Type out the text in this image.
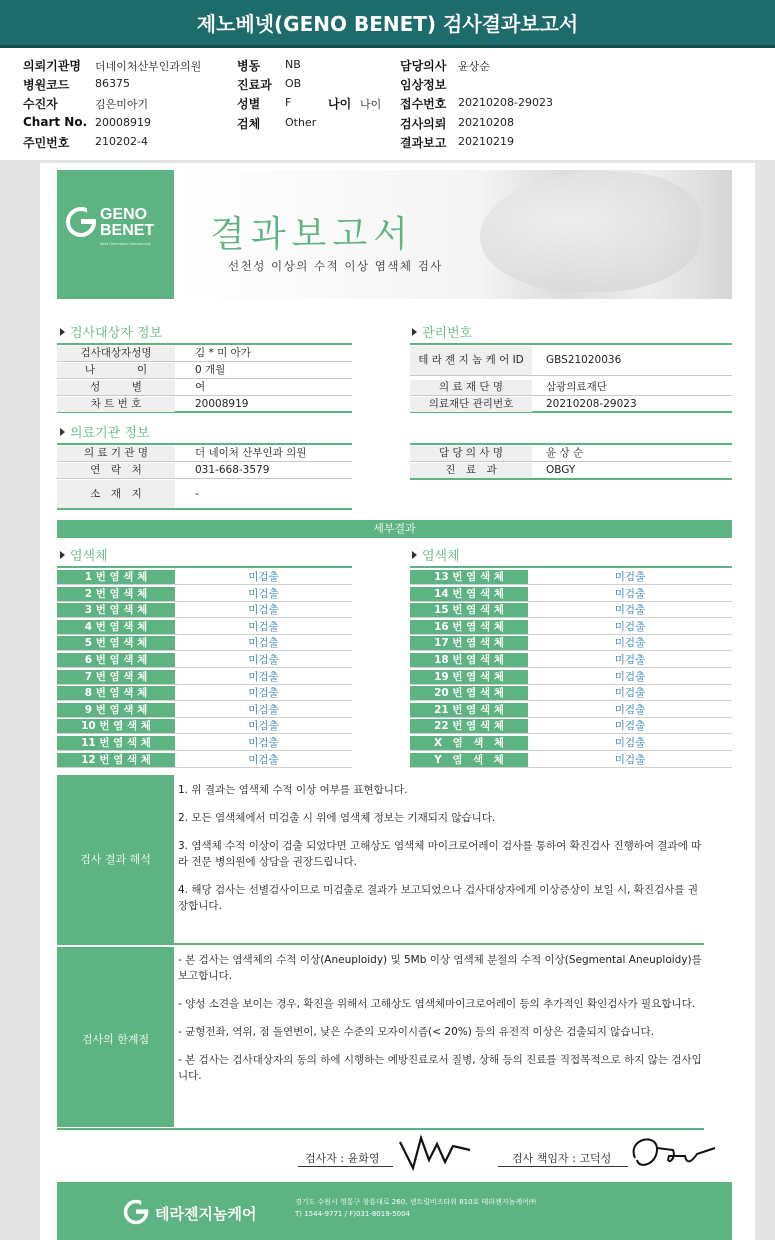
제노베넷(GENO BENET) 검사결과보고서
의뢰기관명 더네이처산부인과의원
병원코드 86375
수진자	김은미아기
Chart No. 20008919
주민번호 210202-4
병동 NB
진료과 OB
성별 F
검체 Other
나이 나이
담당의사 윤상순
임상정보
접수번호 20210208-29023
검사의뢰 20210208
결과보고 20210219
GENO
BENET
Next Generation Sequencing 결과보고서
선천성 이상의 수적 이상 염색체 검사
검사대상자 정보
검사대상자성명	김 * 미 아가
나　　　　이	0 개월
성　　　별	여
차 트 번 호	20008919
관리번호
테 라 젠 지 놈 케 어 ID	GBS21020036
의 료 재 단 명	삼광의료재단
의료재단 관리번호	20210208-29023
의료기관 정보
의 료 기 관 명	더 네이처 산부인과 의원
연　락　처	031-668-3579
소　재　지	-
담 당 의 사 명	윤 상 순
진　료　과	OBGY
세부결과
염색체	염색체
1 번 염 색 체	미검출
2 번 염 색 체	미검출
3 번 염 색 체	미검출
4 번 염 색 체	미검출
5 번 염 색 체	미검출
6 번 염 색 체	미검출
7 번 염 색 체	미검출
8 번 염 색 체	미검출
9 번 염 색 체	미검출
10 번 염 색 체	미검출
11 번 염 색 체	미검출
12 번 염 색 체	미검출
13 번 염 색 체	미검출
14 번 염 색 체	미검출
15 번 염 색 체	미검출
16 번 염 색 체	미검출
17 번 염 색 체	미검출
18 번 염 색 체	미검출
19 번 염 색 체	미검출
20 번 염 색 체	미검출
21 번 염 색 체	미검출
22 번 염 색 체	미검출
X　염　색　체	미검출
Y　염　색　체	미검출
검사 결과 해석

1. 위 결과는 염색체 수적 이상 여부를 표현합니다.

2. 모든 염색체에서 미검출 시 위에 염색체 정보는 기재되지 않습니다.

3. 염색체 수적 이상이 검출 되었다면 고해상도 염색체 마이크로어레이 검사를 통하여 확진검사 진행하여 결과에 따라 전문 병의원에 상담을 권장드립니다.

4. 해당 검사는 선별검사이므로 미검출로 결과가 보고되었으나 검사대상자에게 이상증상이 보일 시, 확진검사를 권장합니다.

검사의 한계점

- 본 검사는 염색체의 수적 이상(Aneuploidy) 및 5Mb 이상 염색체 분절의 수적 이상(Segmental Aneuploidy)를 보고합니다.

- 양성 소견을 보이는 경우, 확진을 위해서 고해상도 염색체마이크로어레이 등의 추가적인 확인검사가 필요합니다.

- 균형전좌, 역위, 점 돌연변이, 낮은 수준의 모자이시즘(< 20%) 등의 유전적 이상은 검출되지 않습니다.

- 본 검사는 검사대상자의 동의 하에 시행하는 예방진료로서 질병, 상해 등의 진료를 직접목적으로 하지 않는 검사입니다.

검사자 : 윤화영	검사 책임자 : 고덕성
테라젠지놈케어
경기도 수원시 영통구 창룡대로 260, 센트럴비즈타워 810호 테라젠지놈케어㈜
T) 1544-9771 / F)031-8019-5004
